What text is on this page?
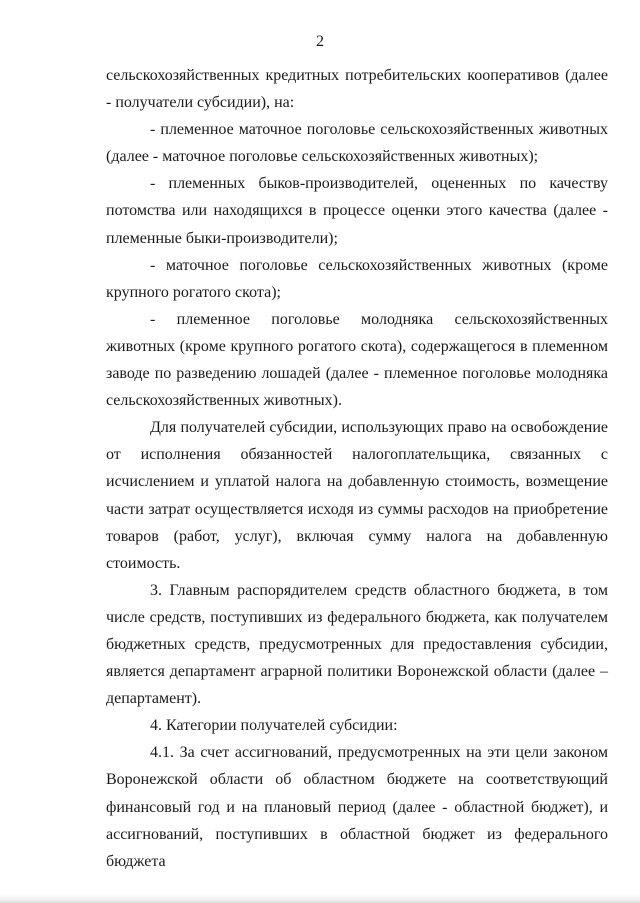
2

сельскохозяйственных кредитных потребительских кооперативов (далее - получатели субсидии), на:

- племенное маточное поголовье сельскохозяйственных животных (далее - маточное поголовье сельскохозяйственных животных);

- племенных быков-производителей, оцененных по качеству потомства или находящихся в процессе оценки этого качества (далее - племенные быки-производители);

- маточное поголовье сельскохозяйственных животных (кроме крупного рогатого скота);

- племенное поголовье молодняка сельскохозяйственных животных (кроме крупного рогатого скота), содержащегося в племенном заводе по разведению лошадей (далее - племенное поголовье молодняка сельскохозяйственных животных).

Для получателей субсидии, использующих право на освобождение от исполнения обязанностей налогоплательщика, связанных с исчислением и уплатой налога на добавленную стоимость, возмещение части затрат осуществляется исходя из суммы расходов на приобретение товаров (работ, услуг), включая сумму налога на добавленную стоимость.

3. Главным распорядителем средств областного бюджета, в том числе средств, поступивших из федерального бюджета, как получателем бюджетных средств, предусмотренных для предоставления субсидии, является департамент аграрной политики Воронежской области (далее – департамент).

4. Категории получателей субсидии:

4.1. За счет ассигнований, предусмотренных на эти цели законом Воронежской области об областном бюджете на соответствующий финансовый год и на плановый период (далее - областной бюджет), и ассигнований, поступивших в областной бюджет из федерального бюджета
